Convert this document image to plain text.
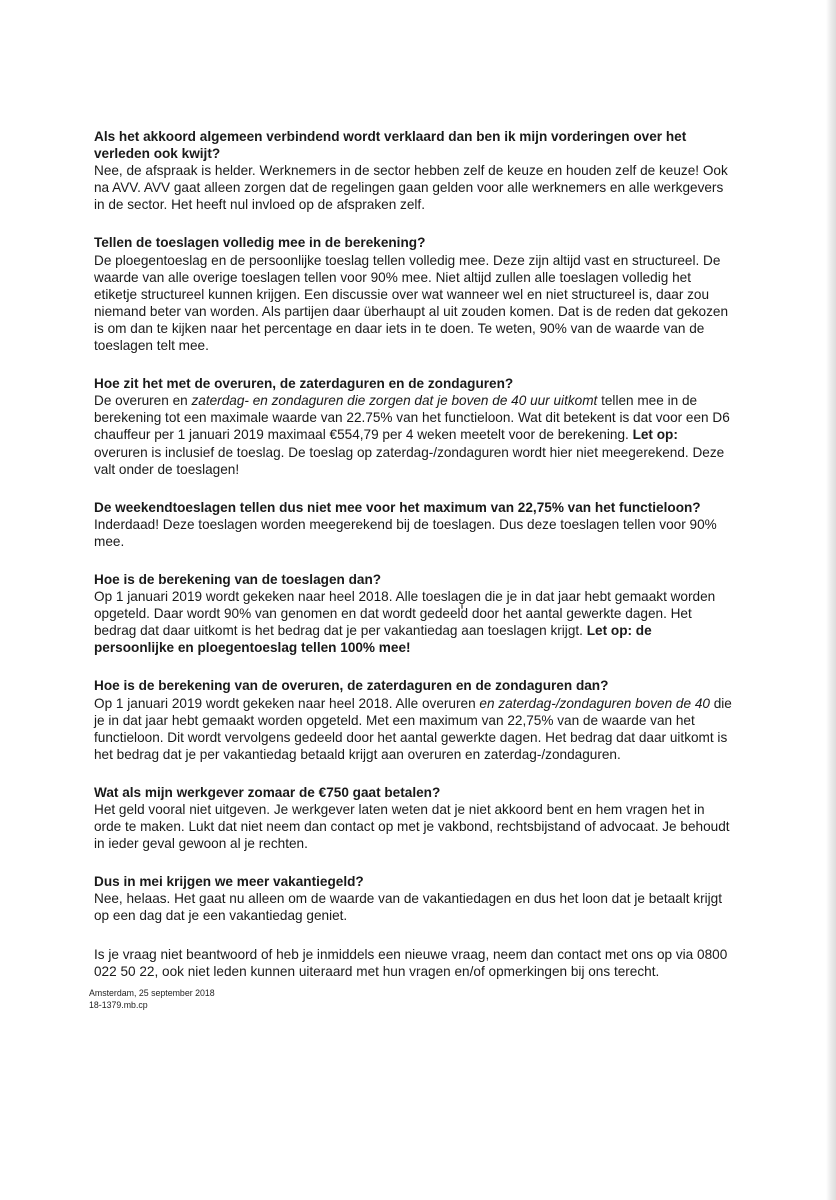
Als het akkoord algemeen verbindend wordt verklaard dan ben ik mijn vorderingen over het verleden ook kwijt?

Nee, de afspraak is helder. Werknemers in de sector hebben zelf de keuze en houden zelf de keuze! Ook na AVV. AVV gaat alleen zorgen dat de regelingen gaan gelden voor alle werknemers en alle werkgevers in de sector. Het heeft nul invloed op de afspraken zelf.

Tellen de toeslagen volledig mee in de berekening?

De ploegentoeslag en de persoonlijke toeslag tellen volledig mee. Deze zijn altijd vast en structureel. De waarde van alle overige toeslagen tellen voor 90% mee. Niet altijd zullen alle toeslagen volledig het etiketje structureel kunnen krijgen. Een discussie over wat wanneer wel en niet structureel is, daar zou niemand beter van worden. Als partijen daar überhaupt al uit zouden komen. Dat is de reden dat gekozen is om dan te kijken naar het percentage en daar iets in te doen. Te weten, 90% van de waarde van de toeslagen telt mee.

Hoe zit het met de overuren, de zaterdaguren en de zondaguren?

De overuren en zaterdag- en zondaguren die zorgen dat je boven de 40 uur uitkomt tellen mee in de berekening tot een maximale waarde van 22.75% van het functieloon. Wat dit betekent is dat voor een D6 chauffeur per 1 januari 2019 maximaal €554,79 per 4 weken meetelt voor de berekening. Let op: overuren is inclusief de toeslag. De toeslag op zaterdag-/zondaguren wordt hier niet meegerekend. Deze valt onder de toeslagen!

De weekendtoeslagen tellen dus niet mee voor het maximum van 22,75% van het functieloon?

Inderdaad! Deze toeslagen worden meegerekend bij de toeslagen. Dus deze toeslagen tellen voor 90% mee.

Hoe is de berekening van de toeslagen dan?

Op 1 januari 2019 wordt gekeken naar heel 2018. Alle toeslagen die je in dat jaar hebt gemaakt worden opgeteld. Daar wordt 90% van genomen en dat wordt gedeeld door het aantal gewerkte dagen. Het bedrag dat daar uitkomt is het bedrag dat je per vakantiedag aan toeslagen krijgt. Let op: de persoonlijke en ploegentoeslag tellen 100% mee!

Hoe is de berekening van de overuren, de zaterdaguren en de zondaguren dan?

Op 1 januari 2019 wordt gekeken naar heel 2018. Alle overuren en zaterdag-/zondaguren boven de 40 die je in dat jaar hebt gemaakt worden opgeteld. Met een maximum van 22,75% van de waarde van het functieloon. Dit wordt vervolgens gedeeld door het aantal gewerkte dagen. Het bedrag dat daar uitkomt is het bedrag dat je per vakantiedag betaald krijgt aan overuren en zaterdag-/zondaguren.

Wat als mijn werkgever zomaar de €750 gaat betalen?

Het geld vooral niet uitgeven. Je werkgever laten weten dat je niet akkoord bent en hem vragen het in orde te maken. Lukt dat niet neem dan contact op met je vakbond, rechtsbijstand of advocaat. Je behoudt in ieder geval gewoon al je rechten.

Dus in mei krijgen we meer vakantiegeld?

Nee, helaas. Het gaat nu alleen om de waarde van de vakantiedagen en dus het loon dat je betaalt krijgt op een dag dat je een vakantiedag geniet.

Is je vraag niet beantwoord of heb je inmiddels een nieuwe vraag, neem dan contact met ons op via 0800 022 50 22, ook niet leden kunnen uiteraard met hun vragen en/of opmerkingen bij ons terecht.

Amsterdam, 25 september 2018
18-1379.mb.cp
